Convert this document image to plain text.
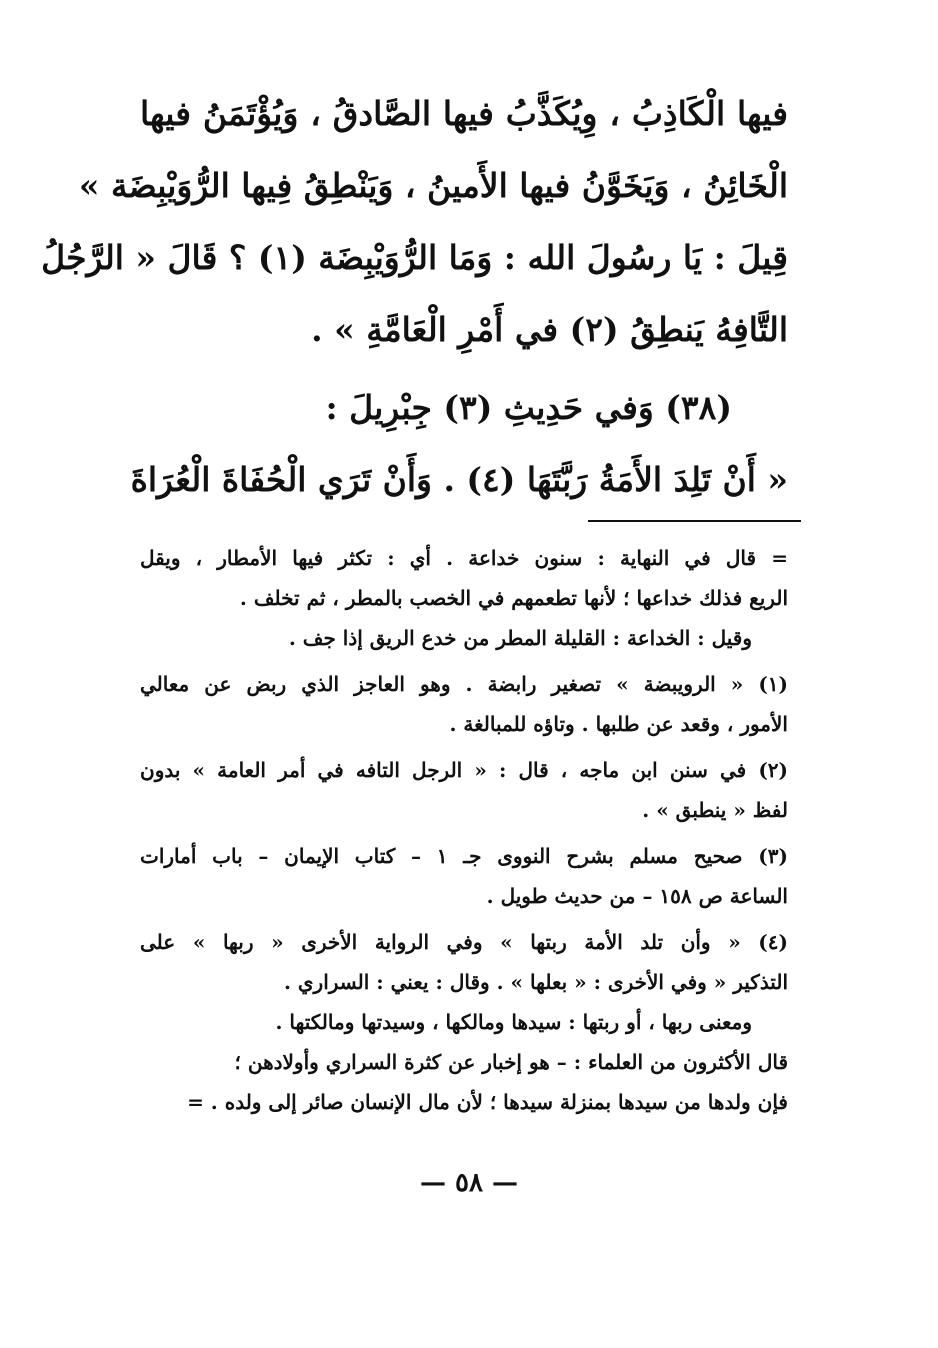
فيها الْكَاذِبُ ، وِيُكَذَّبُ فيها الصَّادقُ ، وَيُؤْتَمَنُ فيها
الْخَائِنُ ، وَيَخَوَّنُ فيها الأَمينُ ، وَيَنْطِقُ فِيها الرُّوَيْبِضَة »
قِيلَ : يَا رسُولَ الله : وَمَا الرُّوَيْبِضَة (١) ؟ قَالَ « الرَّجُلُ
التَّافِهُ يَنطِقُ (٢) في أَمْرِ الْعَامَّةِ » .
(٣٨) وَفي حَدِيثِ (٣) جِبْرِيلَ :
« أَنْ تَلِدَ الأَمَةُ رَبَّتَهَا (٤) . وَأَنْ تَرَي الْحُفَاةَ الْعُرَاةَ
= قال في النهاية : سنون خداعة . أي : تكثر فيها الأمطار ، ويقل
الريع فذلك خداعها ؛ لأنها تطعمهم في الخصب بالمطر ، ثم تخلف .
وقيل : الخداعة : القليلة المطر من خدع الريق إذا جف .
(١) « الرويبضة » تصغير رابضة . وهو العاجز الذي ربض عن معالي
الأمور ، وقعد عن طلبها . وتاؤه للمبالغة .
(٢) في سنن ابن ماجه ، قال : « الرجل التافه في أمر العامة » بدون
لفظ « ينطبق » .
(٣) صحيح مسلم بشرح النووى جـ ١ – كتاب الإيمان – باب أمارات
الساعة ص ١٥٨ – من حديث طويل .
(٤) « وأن تلد الأمة ربتها » وفي الرواية الأخرى « ربها » على
التذكير « وفي الأخرى : « بعلها » . وقال : يعني : السراري .
ومعنى ربها ، أو ربتها : سيدها ومالكها ، وسيدتها ومالكتها .
قال الأكثرون من العلماء : – هو إخبار عن كثرة السراري وأولادهن ؛
فإن ولدها من سيدها بمنزلة سيدها ؛ لأن مال الإنسان صائر إلى ولده . =
— ٥٨ —
